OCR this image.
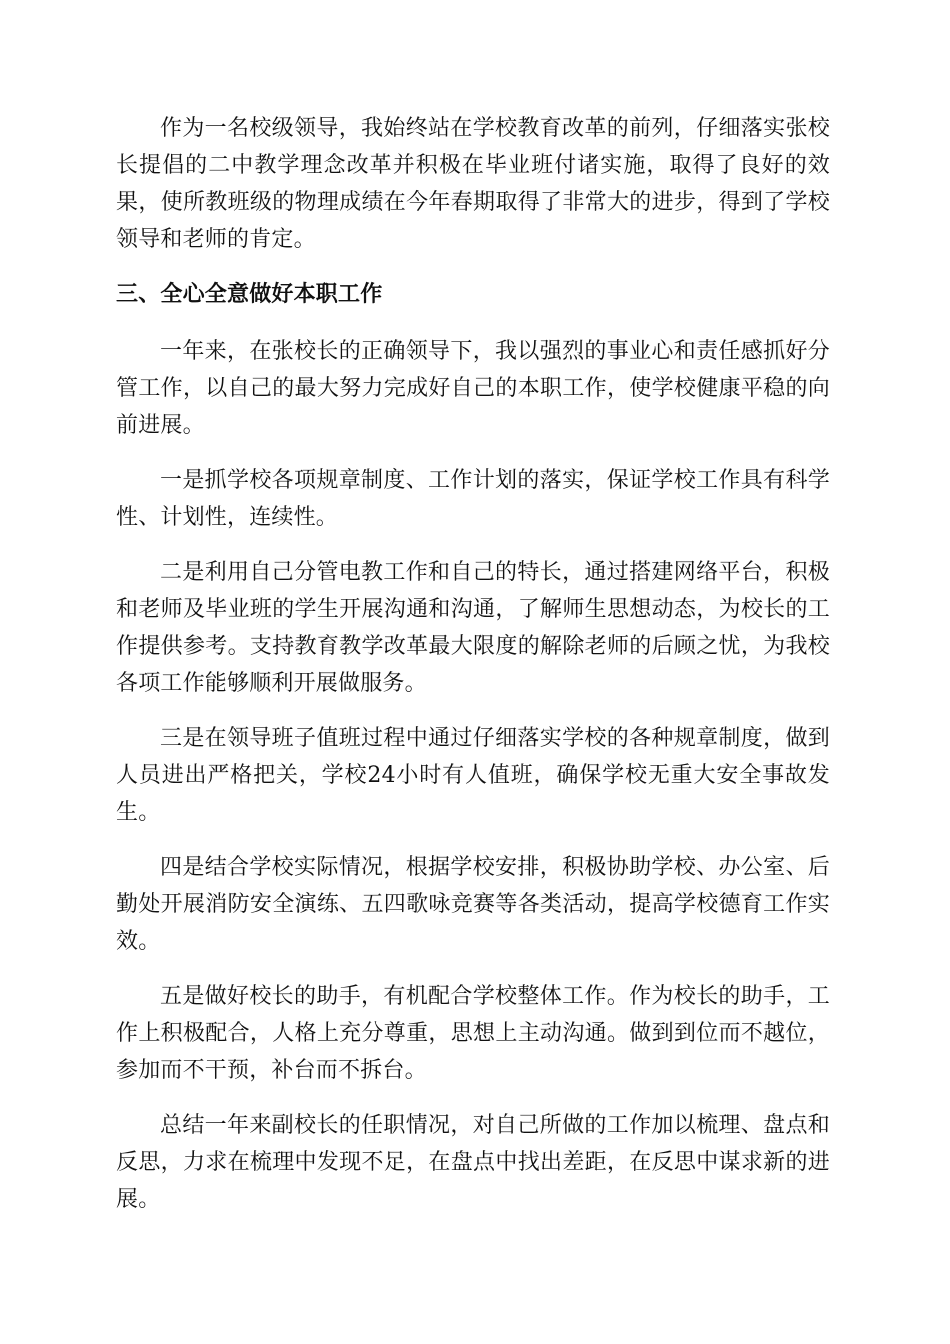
作为一名校级领导，我始终站在学校教育改革的前列，仔细落实张校长提倡的二中教学理念改革并积极在毕业班付诸实施，取得了良好的效果，使所教班级的物理成绩在今年春期取得了非常大的进步，得到了学校领导和老师的肯定。

三、全心全意做好本职工作

一年来，在张校长的正确领导下，我以强烈的事业心和责任感抓好分管工作，以自己的最大努力完成好自己的本职工作，使学校健康平稳的向前进展。

一是抓学校各项规章制度、工作计划的落实，保证学校工作具有科学性、计划性，连续性。

二是利用自己分管电教工作和自己的特长，通过搭建网络平台，积极和老师及毕业班的学生开展沟通和沟通，了解师生思想动态，为校长的工作提供参考。支持教育教学改革最大限度的解除老师的后顾之忧，为我校各项工作能够顺利开展做服务。

三是在领导班子值班过程中通过仔细落实学校的各种规章制度，做到人员进出严格把关，学校24小时有人值班，确保学校无重大安全事故发生。

四是结合学校实际情况，根据学校安排，积极协助学校、办公室、后勤处开展消防安全演练、五四歌咏竞赛等各类活动，提高学校德育工作实效。

五是做好校长的助手，有机配合学校整体工作。作为校长的助手，工作上积极配合，人格上充分尊重，思想上主动沟通。做到到位而不越位，参加而不干预，补台而不拆台。

总结一年来副校长的任职情况，对自己所做的工作加以梳理、盘点和反思，力求在梳理中发现不足，在盘点中找出差距，在反思中谋求新的进展。
